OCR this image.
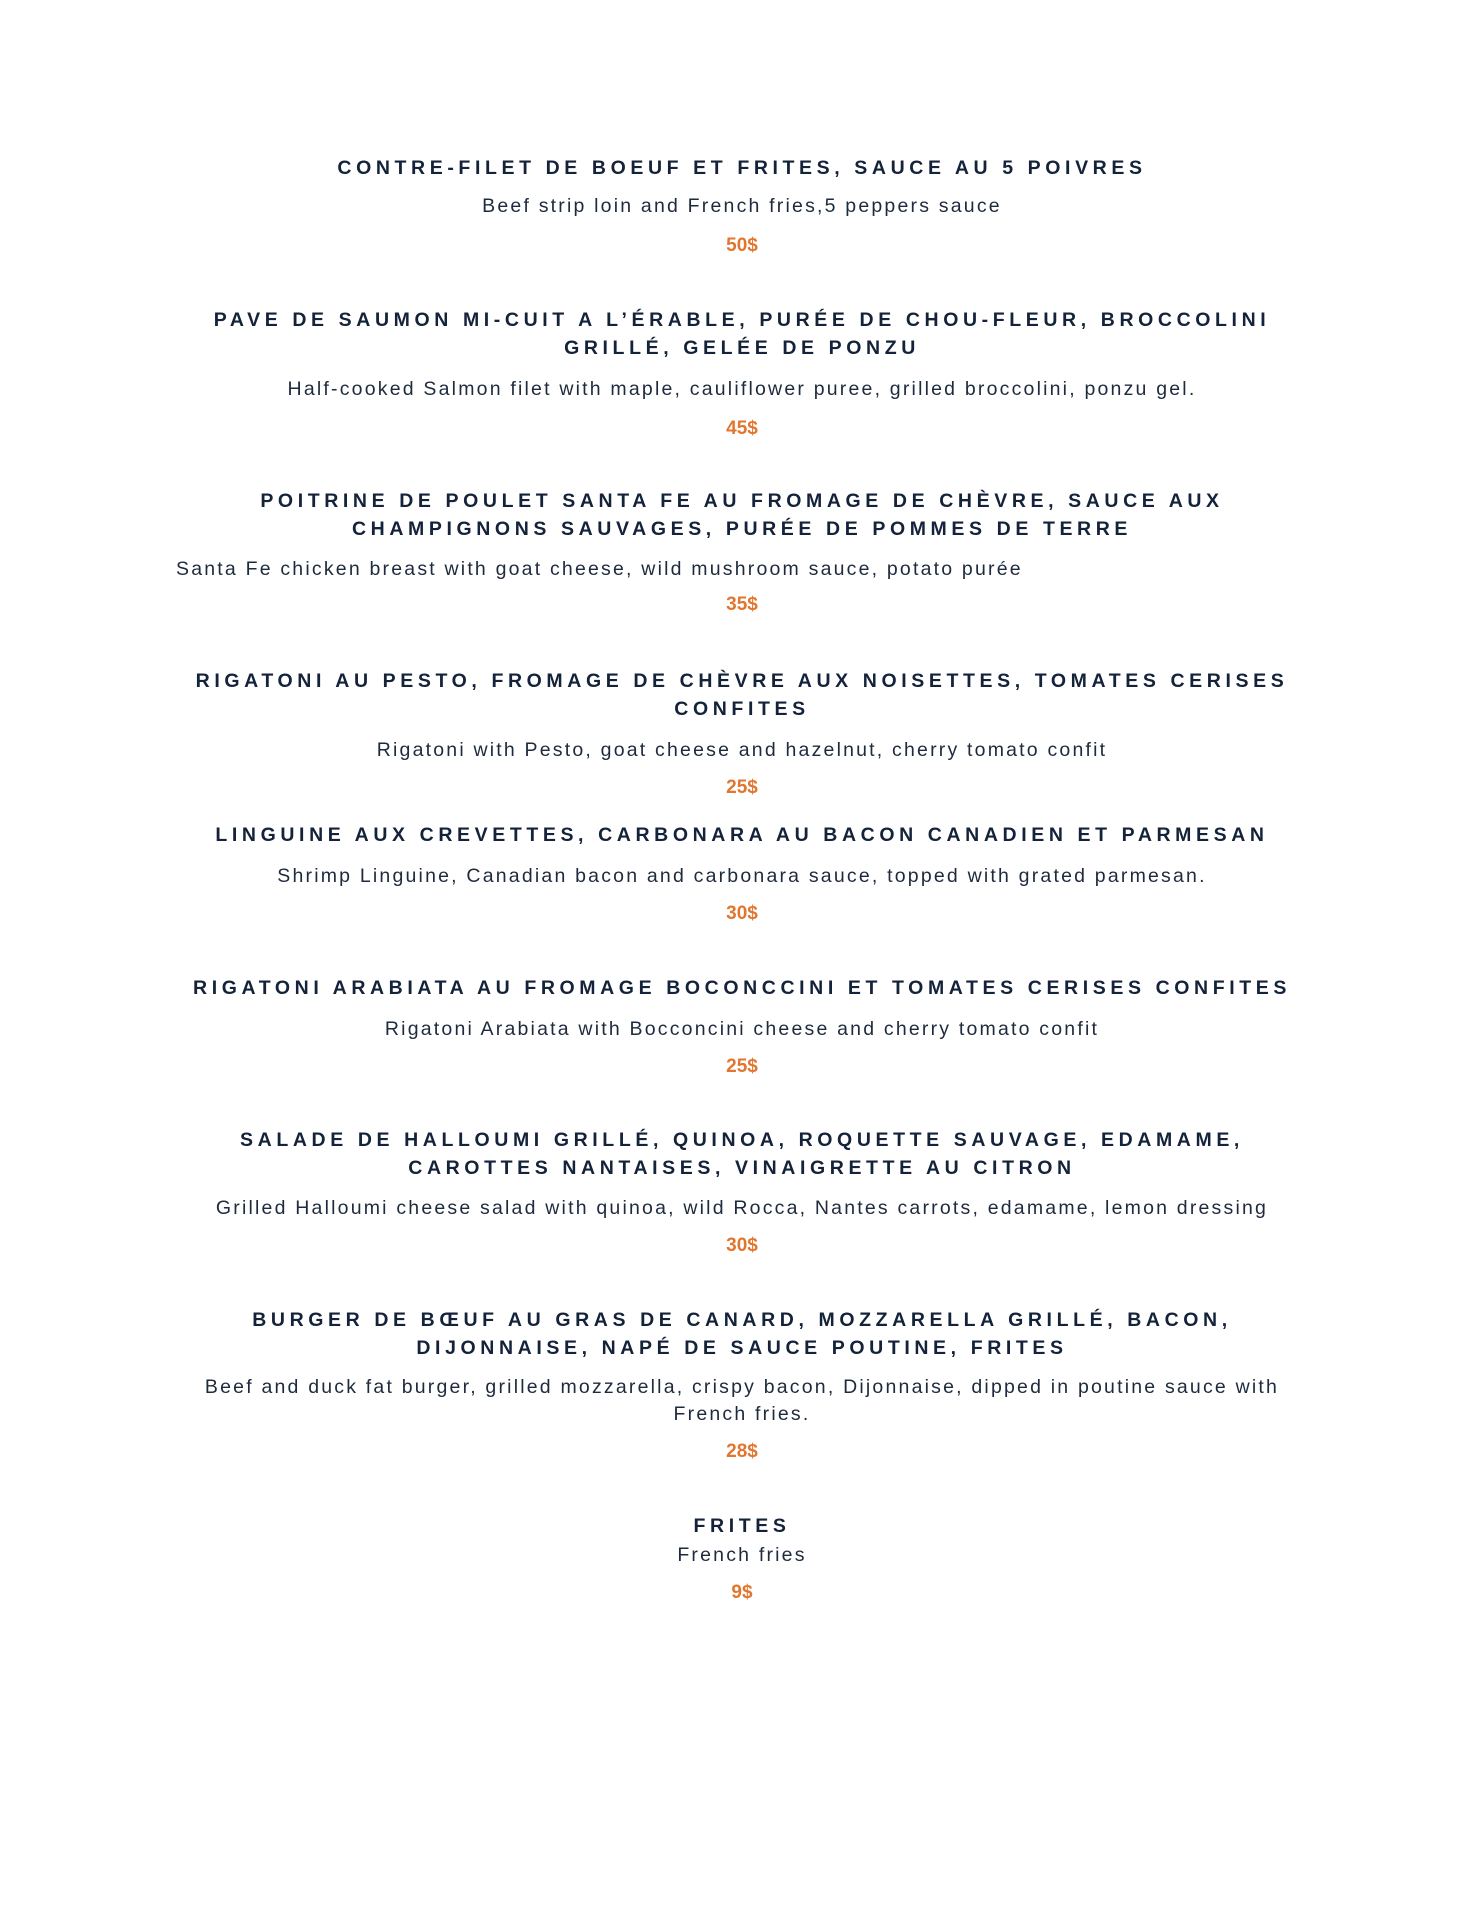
CONTRE-FILET DE BOEUF ET FRITES, SAUCE AU 5 POIVRES

Beef strip loin and French fries,5 peppers sauce

50$

PAVE DE SAUMON MI-CUIT A L’ÉRABLE, PURÉE DE CHOU-FLEUR, BROCCOLINI GRILLÉ, GELÉE DE PONZU

Half-cooked Salmon filet with maple, cauliflower puree, grilled broccolini, ponzu gel.

45$

POITRINE DE POULET SANTA FE AU FROMAGE DE CHÈVRE, SAUCE AUX CHAMPIGNONS SAUVAGES, PURÉE DE POMMES DE TERRE

Santa Fe chicken breast with goat cheese, wild mushroom sauce, potato purée

35$

RIGATONI AU PESTO, FROMAGE DE CHÈVRE AUX NOISETTES, TOMATES CERISES CONFITES

Rigatoni with Pesto, goat cheese and hazelnut, cherry tomato confit

25$

LINGUINE AUX CREVETTES, CARBONARA AU BACON CANADIEN ET PARMESAN

Shrimp Linguine, Canadian bacon and carbonara sauce, topped with grated parmesan.

30$

RIGATONI ARABIATA AU FROMAGE BOCONCCINI ET TOMATES CERISES CONFITES

Rigatoni Arabiata with Bocconcini cheese and cherry tomato confit

25$

SALADE DE HALLOUMI GRILLÉ, QUINOA, ROQUETTE SAUVAGE, EDAMAME, CAROTTES NANTAISES, VINAIGRETTE AU CITRON

Grilled Halloumi cheese salad with quinoa, wild Rocca, Nantes carrots, edamame, lemon dressing

30$

BURGER DE BŒUF AU GRAS DE CANARD, MOZZARELLA GRILLÉ, BACON, DIJONNAISE, NAPÉ DE SAUCE POUTINE, FRITES

Beef and duck fat burger, grilled mozzarella, crispy bacon, Dijonnaise, dipped in poutine sauce with French fries.

28$

FRITES

French fries

9$
